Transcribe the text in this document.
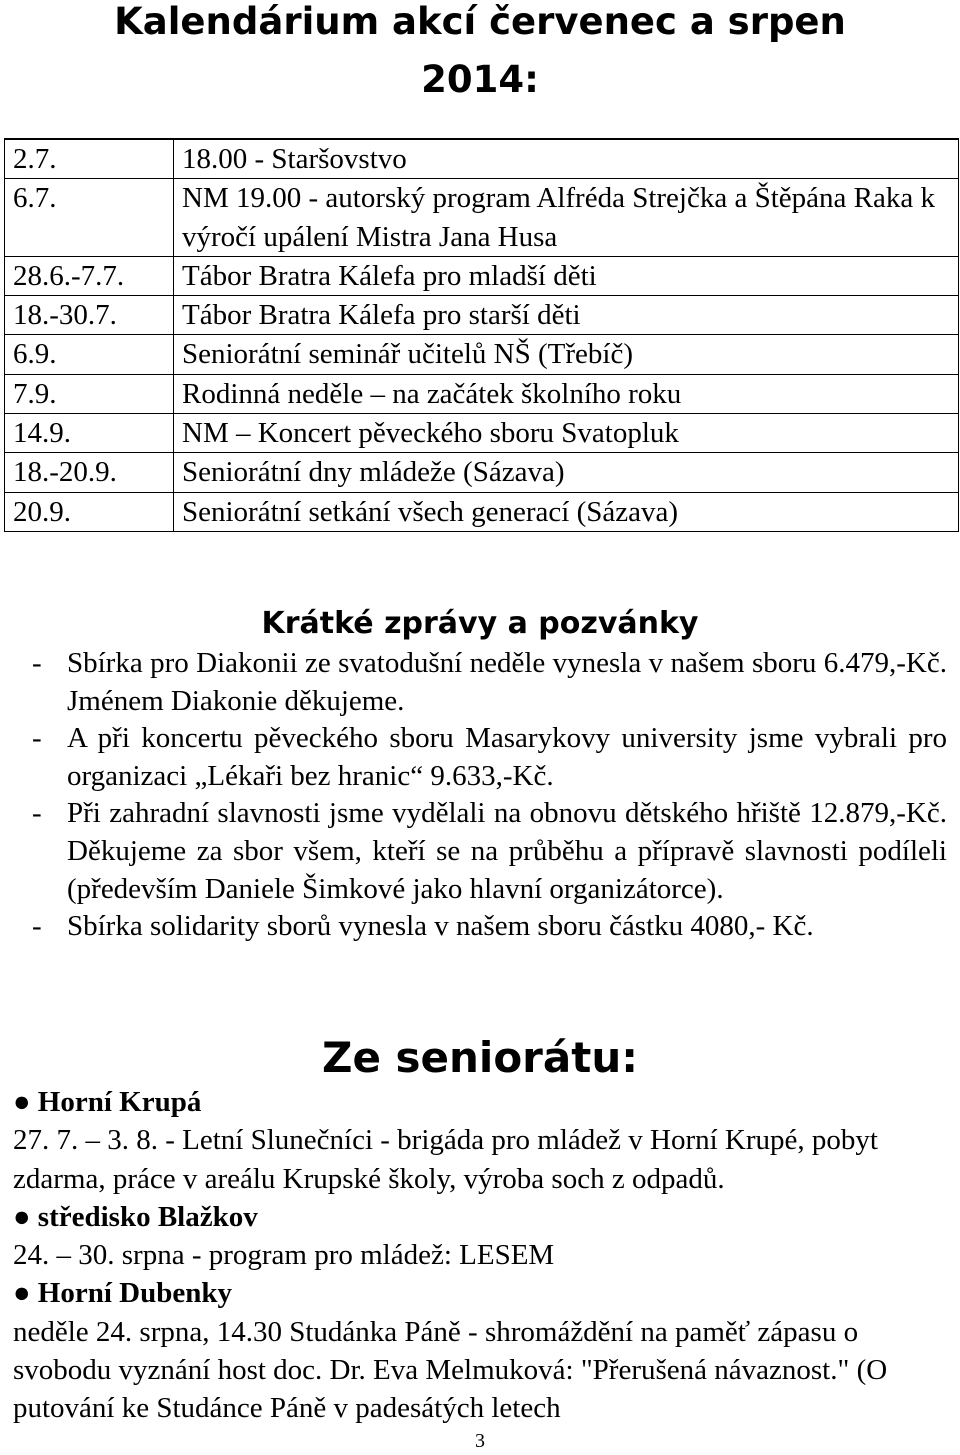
Kalendárium akcí červenec a srpen
2014:
2.7.	18.00 - Staršovstvo
6.7.	NM 19.00 - autorský program Alfréda Strejčka a Štěpána Raka k výročí upálení Mistra Jana Husa
28.6.-7.7.	Tábor Bratra Kálefa pro mladší děti
18.-30.7.	Tábor Bratra Kálefa pro starší děti
6.9.	Seniorátní seminář učitelů NŠ (Třebíč)
7.9.	Rodinná neděle – na začátek školního roku
14.9.	NM – Koncert pěveckého sboru Svatopluk
18.-20.9.	Seniorátní dny mládeže (Sázava)
20.9.	Seniorátní setkání všech generací (Sázava)
Krátké zprávy a pozvánky
- Sbírka pro Diakonii ze svatodušní neděle vynesla v našem sboru 6.479,-Kč. Jménem Diakonie děkujeme.

- A při koncertu pěveckého sboru Masarykovy university jsme vybrali pro organizaci „Lékaři bez hranic“ 9.633,-Kč.

- Při zahradní slavnosti jsme vydělali na obnovu dětského hřiště 12.879,-Kč. Děkujeme za sbor všem, kteří se na průběhu a přípravě slavnosti podíleli (především Daniele Šimkové jako hlavní organizátorce).

- Sbírka solidarity sborů vynesla v našem sboru částku 4080,- Kč.

Ze seniorátu:

● Horní Krupá

27. 7. – 3. 8. - Letní Slunečníci - brigáda pro mládež v Horní Krupé, pobyt zdarma, práce v areálu Krupské školy, výroba soch z odpadů.

● středisko Blažkov

24. – 30. srpna - program pro mládež: LESEM

● Horní Dubenky

neděle 24. srpna, 14.30 Studánka Páně - shromáždění na paměť zápasu o svobodu vyznání host doc. Dr. Eva Melmuková: "Přerušená návaznost." (O putování ke Studánce Páně v padesátých letech

3
